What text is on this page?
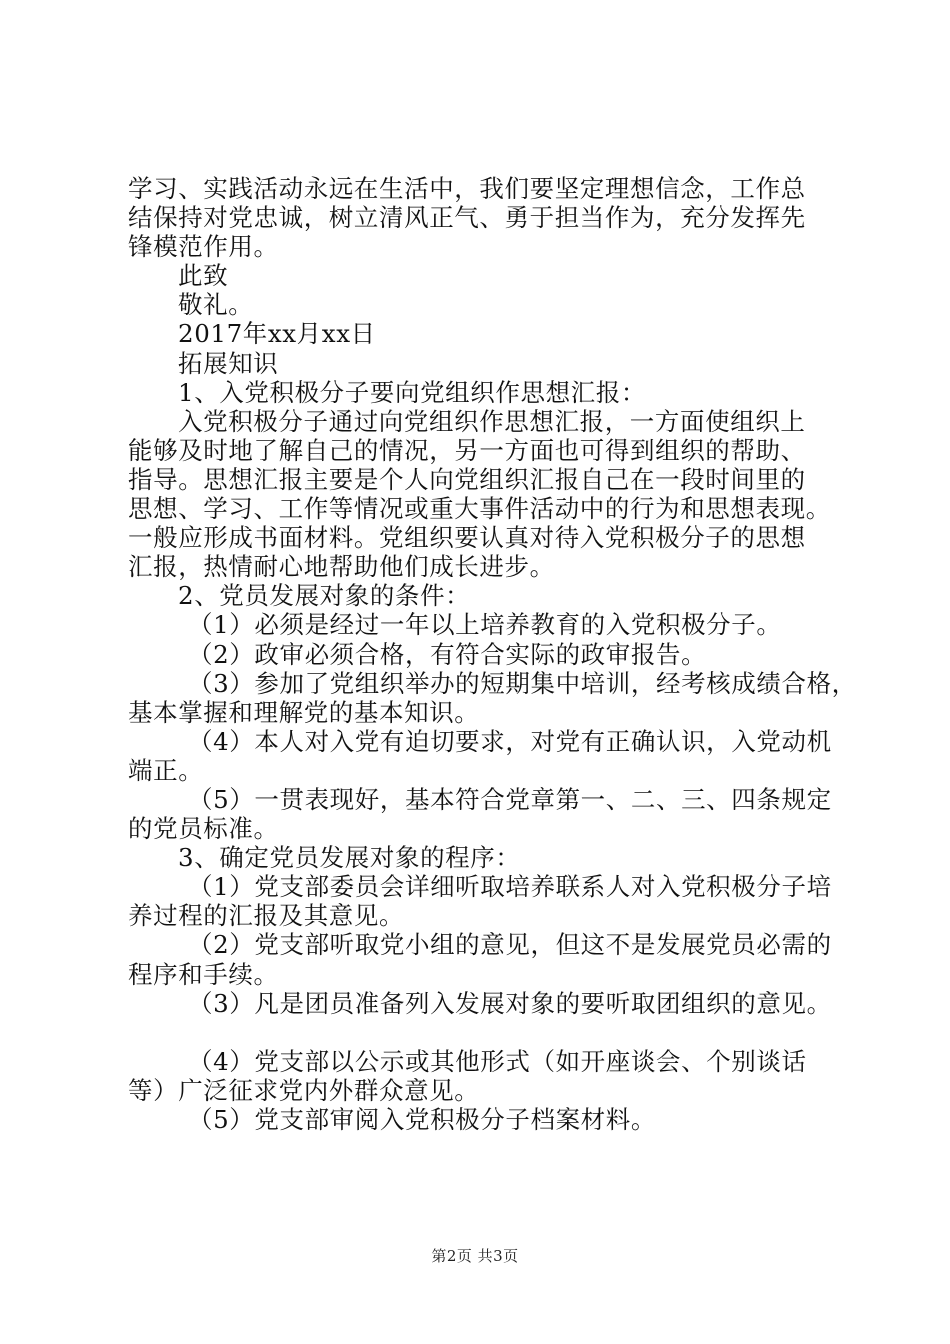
学习、实践活动永远在生活中，我们要坚定理想信念，工作总
结保持对党忠诚，树立清风正气、勇于担当作为，充分发挥先
锋模范作用。
此致
敬礼。
2017年xx月xx日
拓展知识
1、入党积极分子要向党组织作思想汇报：
入党积极分子通过向党组织作思想汇报，一方面使组织上
能够及时地了解自己的情况，另一方面也可得到组织的帮助、
指导。思想汇报主要是个人向党组织汇报自己在一段时间里的
思想、学习、工作等情况或重大事件活动中的行为和思想表现。
一般应形成书面材料。党组织要认真对待入党积极分子的思想
汇报，热情耐心地帮助他们成长进步。
2、党员发展对象的条件：
（1）必须是经过一年以上培养教育的入党积极分子。
（2）政审必须合格，有符合实际的政审报告。
（3）参加了党组织举办的短期集中培训，经考核成绩合格，
基本掌握和理解党的基本知识。
（4）本人对入党有迫切要求，对党有正确认识，入党动机
端正。
（5）一贯表现好，基本符合党章第一、二、三、四条规定
的党员标准。
3、确定党员发展对象的程序：
（1）党支部委员会详细听取培养联系人对入党积极分子培
养过程的汇报及其意见。
（2）党支部听取党小组的意见，但这不是发展党员必需的
程序和手续。
（3）凡是团员准备列入发展对象的要听取团组织的意见。
（4）党支部以公示或其他形式（如开座谈会、个别谈话
等）广泛征求党内外群众意见。
（5）党支部审阅入党积极分子档案材料。
第2页 共3页
